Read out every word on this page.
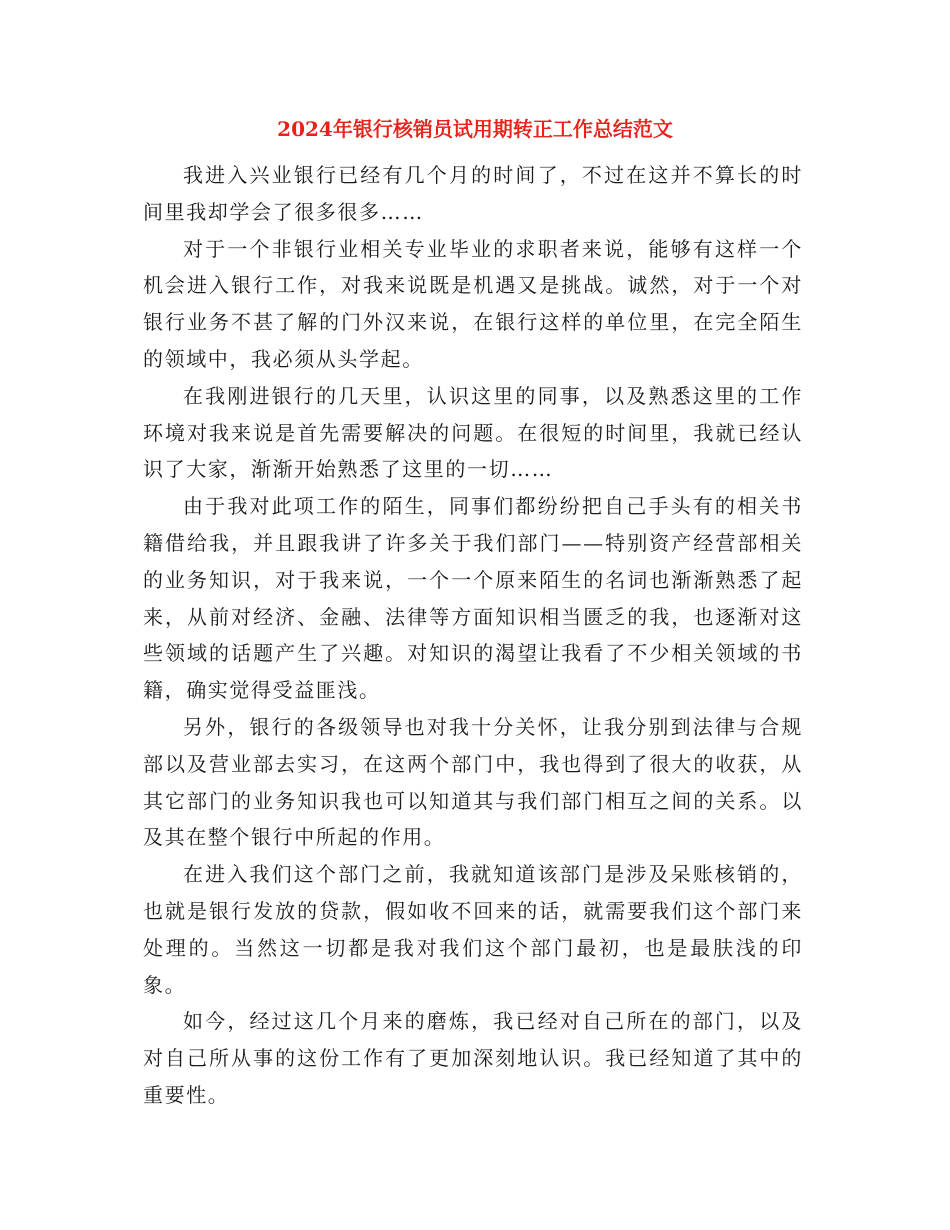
2024年银行核销员试用期转正工作总结范文

我进入兴业银行已经有几个月的时间了，不过在这并不算长的时间里我却学会了很多很多……

对于一个非银行业相关专业毕业的求职者来说，能够有这样一个机会进入银行工作，对我来说既是机遇又是挑战。诚然，对于一个对银行业务不甚了解的门外汉来说，在银行这样的单位里，在完全陌生的领域中，我必须从头学起。

在我刚进银行的几天里，认识这里的同事，以及熟悉这里的工作环境对我来说是首先需要解决的问题。在很短的时间里，我就已经认识了大家，渐渐开始熟悉了这里的一切……

由于我对此项工作的陌生，同事们都纷纷把自己手头有的相关书籍借给我，并且跟我讲了许多关于我们部门——特别资产经营部相关的业务知识，对于我来说，一个一个原来陌生的名词也渐渐熟悉了起来，从前对经济、金融、法律等方面知识相当匮乏的我，也逐渐对这些领域的话题产生了兴趣。对知识的渴望让我看了不少相关领域的书籍，确实觉得受益匪浅。

另外，银行的各级领导也对我十分关怀，让我分别到法律与合规部以及营业部去实习，在这两个部门中，我也得到了很大的收获，从其它部门的业务知识我也可以知道其与我们部门相互之间的关系。以及其在整个银行中所起的作用。

在进入我们这个部门之前，我就知道该部门是涉及呆账核销的，也就是银行发放的贷款，假如收不回来的话，就需要我们这个部门来处理的。当然这一切都是我对我们这个部门最初，也是最肤浅的印象。

如今，经过这几个月来的磨炼，我已经对自己所在的部门，以及对自己所从事的这份工作有了更加深刻地认识。我已经知道了其中的重要性。
